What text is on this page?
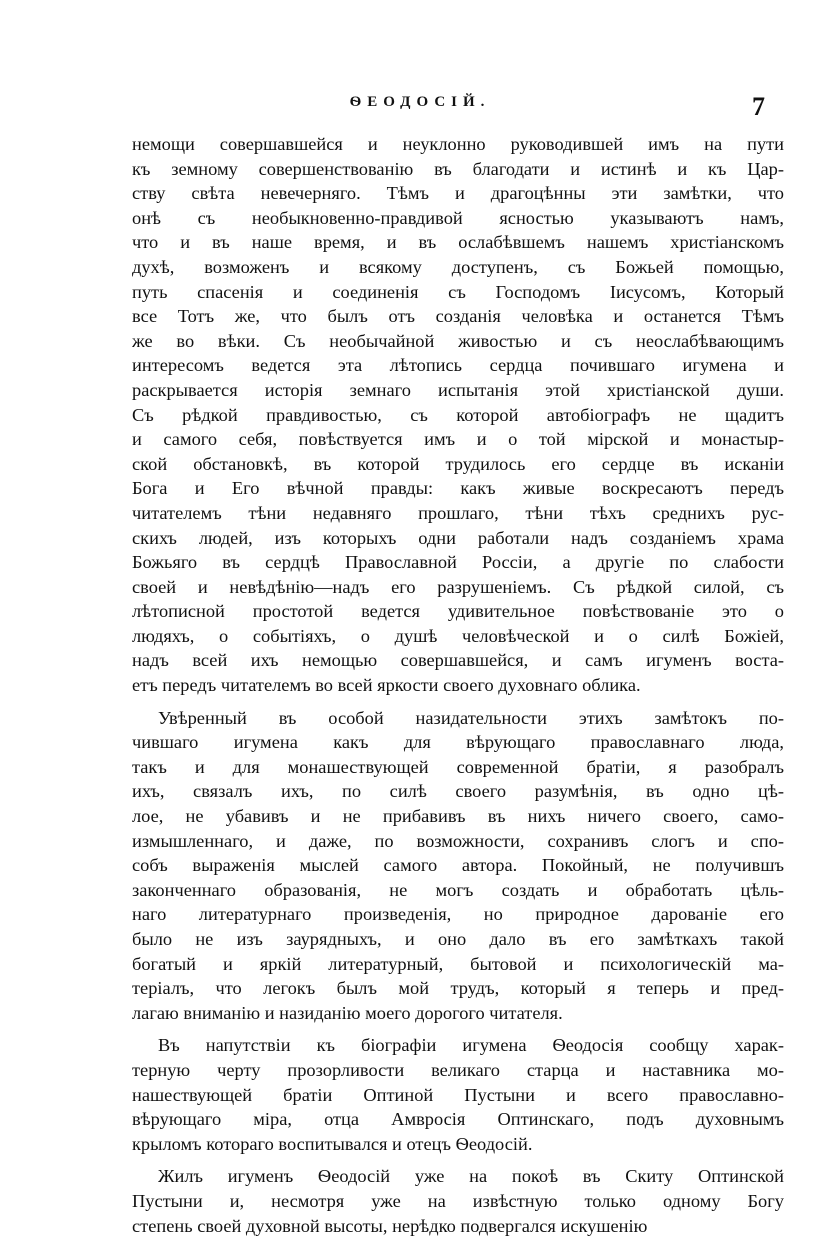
ѲЕОДОСІЙ.	7
немощи совершавшейся и неуклонно руководившей имъ на пути
къ земному совершенствованію въ благодати и истинѣ и къ Цар-
ству свѣта невечерняго. Тѣмъ и драгоцѣнны эти замѣтки, что
онѣ съ необыкновенно-правдивой ясностью указываютъ намъ,
что и въ наше время, и въ ослабѣвшемъ нашемъ христіанскомъ
духѣ, возможенъ и всякому доступенъ, съ Божьей помощью,
путь спасенія и соединенія съ Господомъ Іисусомъ, Который
все Тотъ же, что былъ отъ созданія человѣка и останется Тѣмъ
же во вѣки. Съ необычайной живостью и съ неослабѣвающимъ
интересомъ ведется эта лѣтопись сердца почившаго игумена и
раскрывается исторія земнаго испытанія этой христіанской души.
Съ рѣдкой правдивостью, съ которой автобіографъ не щадитъ
и самого себя, повѣствуется имъ и о той мірской и монастыр-
ской обстановкѣ, въ которой трудилось его сердце въ исканіи
Бога и Его вѣчной правды: какъ живые воскресаютъ передъ
читателемъ тѣни недавняго прошлаго, тѣни тѣхъ среднихъ рус-
скихъ людей, изъ которыхъ одни работали надъ созданіемъ храма
Божьяго въ сердцѣ Православной Россіи, а другіе по слабости
своей и невѣдѣнію—надъ его разрушеніемъ. Съ рѣдкой силой, съ
лѣтописной простотой ведется удивительное повѣствованіе это о
людяхъ, о событіяхъ, о душѣ человѣческой и о силѣ Божіей,
надъ всей ихъ немощью совершавшейся, и самъ игуменъ воста-
етъ передъ читателемъ во всей яркости своего духовнаго облика.
Увѣренный въ особой назидательности этихъ замѣтокъ по-
чившаго игумена какъ для вѣрующаго православнаго люда,
такъ и для монашествующей современной братіи, я разобралъ
ихъ, связалъ ихъ, по силѣ своего разумѣнія, въ одно цѣ-
лое, не убавивъ и не прибавивъ въ нихъ ничего своего, само-
измышленнаго, и даже, по возможности, сохранивъ слогъ и спо-
собъ выраженія мыслей самого автора. Покойный, не получившъ
законченнаго образованія, не могъ создать и обработать цѣль-
наго литературнаго произведенія, но природное дарованіе его
было не изъ заурядныхъ, и оно дало въ его замѣткахъ такой
богатый и яркій литературный, бытовой и психологическій ма-
теріалъ, что легокъ былъ мой трудъ, который я теперь и пред-
лагаю вниманію и назиданію моего дорогого читателя.
Въ напутствіи къ біографіи игумена Ѳеодосія сообщу харак-
терную черту прозорливости великаго старца и наставника мо-
нашествующей братіи Оптиной Пустыни и всего православно-
вѣрующаго міра, отца Амвросія Оптинскаго, подъ духовнымъ
крыломъ котораго воспитывался и отецъ Ѳеодосій.
Жилъ игуменъ Ѳеодосій уже на покоѣ въ Скиту Оптинской
Пустыни и, несмотря уже на извѣстную только одному Богу
степень своей духовной высоты, нерѣдко подвергался искушенію
